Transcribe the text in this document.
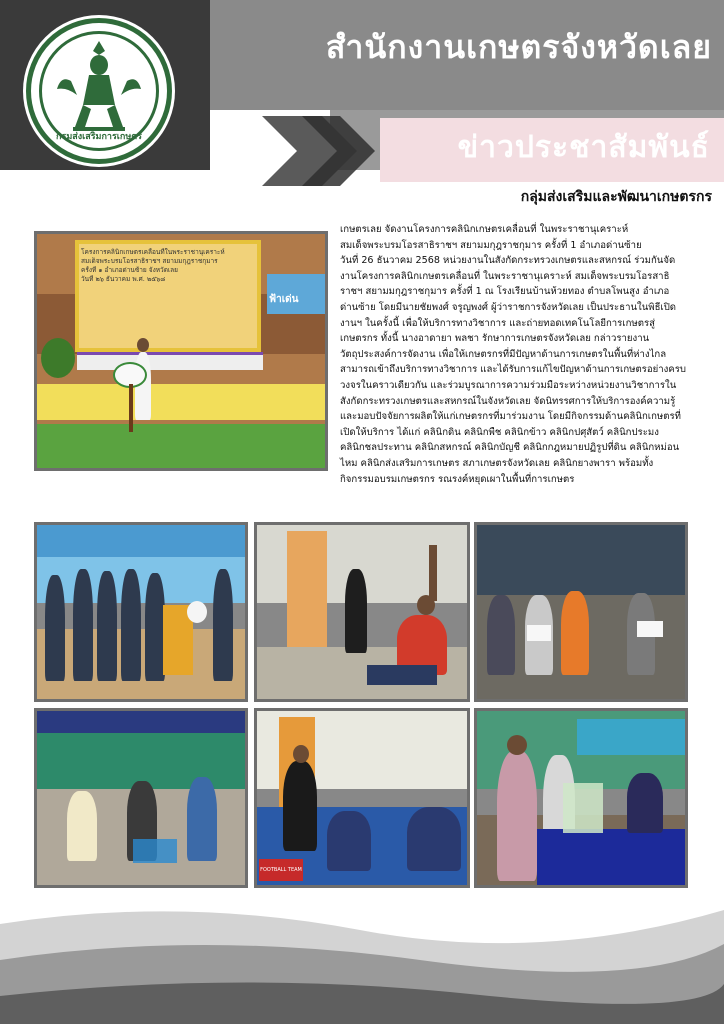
กรมส่งเสริมการเกษตร
สำนักงานเกษตรจังหวัดเลย
ข่าวประชาสัมพันธ์
กลุ่มส่งเสริมและพัฒนาเกษตรกร
โครงการคลินิกเกษตรเคลื่อนที่ในพระราชานุเคราะห์
สมเด็จพระบรมโอรสาธิราชฯ สยามมกุฎราชกุมาร
ครั้งที่ ๑ อำเภอด่านซ้าย จังหวัดเลย
วันที่ ๒๖ ธันวาคม พ.ศ. ๒๕๖๘
ฟ้าเด่น
เกษตรเลย จัดงานโครงการคลินิกเกษตรเคลื่อนที่ ในพระราชานุเคราะห์
สมเด็จพระบรมโอรสาธิราชฯ สยามมกุฎราชกุมาร ครั้งที่ 1 อำเภอด่านซ้าย
วันที่ 26 ธันวาคม 2568 หน่วยงานในสังกัดกระทรวงเกษตรและสหกรณ์ ร่วมกันจัด
งานโครงการคลินิกเกษตรเคลื่อนที่ ในพระราชานุเคราะห์ สมเด็จพระบรมโอรสาธิ
ราชฯ สยามมกุฎราชกุมาร ครั้งที่ 1 ณ โรงเรียนบ้านห้วยทอง ตำบลโพนสูง อำเภอ
ด่านซ้าย โดยมีนายชัยพงศ์ จรูญพงศ์ ผู้ว่าราชการจังหวัดเลย เป็นประธานในพิธีเปิด
งานฯ ในครั้งนี้ เพื่อให้บริการทางวิชาการ และถ่ายทอดเทคโนโลยีการเกษตรสู่
เกษตรกร ทั้งนี้ นางอาดายา พลชา รักษาการเกษตรจังหวัดเลย กล่าวรายงาน
วัตถุประสงค์การจัดงาน เพื่อให้เกษตรกรที่มีปัญหาด้านการเกษตรในพื้นที่ห่างไกล
สามารถเข้าถึงบริการทางวิชาการ และได้รับการแก้ไขปัญหาด้านการเกษตรอย่างครบ
วงจรในคราวเดียวกัน และร่วมบูรณาการความร่วมมือระหว่างหน่วยงานวิชาการใน
สังกัดกระทรวงเกษตรและสหกรณ์ในจังหวัดเลย จัดนิทรรศการให้บริการองค์ความรู้
และมอบปัจจัยการผลิตให้แก่เกษตรกรที่มาร่วมงาน โดยมีกิจกรรมด้านคลินิกเกษตรที่
เปิดให้บริการ ได้แก่ คลินิกดิน คลินิกพืช คลินิกข้าว คลินิกปศุสัตว์ คลินิกประมง
คลินิกชลประทาน คลินิกสหกรณ์ คลินิกบัญชี คลินิกกฎหมายปฏิรูปที่ดิน คลินิกหม่อน
ไหม คลินิกส่งเสริมการเกษตร สภาเกษตรจังหวัดเลย คลินิกยางพารา พร้อมทั้ง
กิจกรรมอบรมเกษตรกร รณรงค์หยุดเผาในพื้นที่การเกษตร
FOOTBALL TEAM
